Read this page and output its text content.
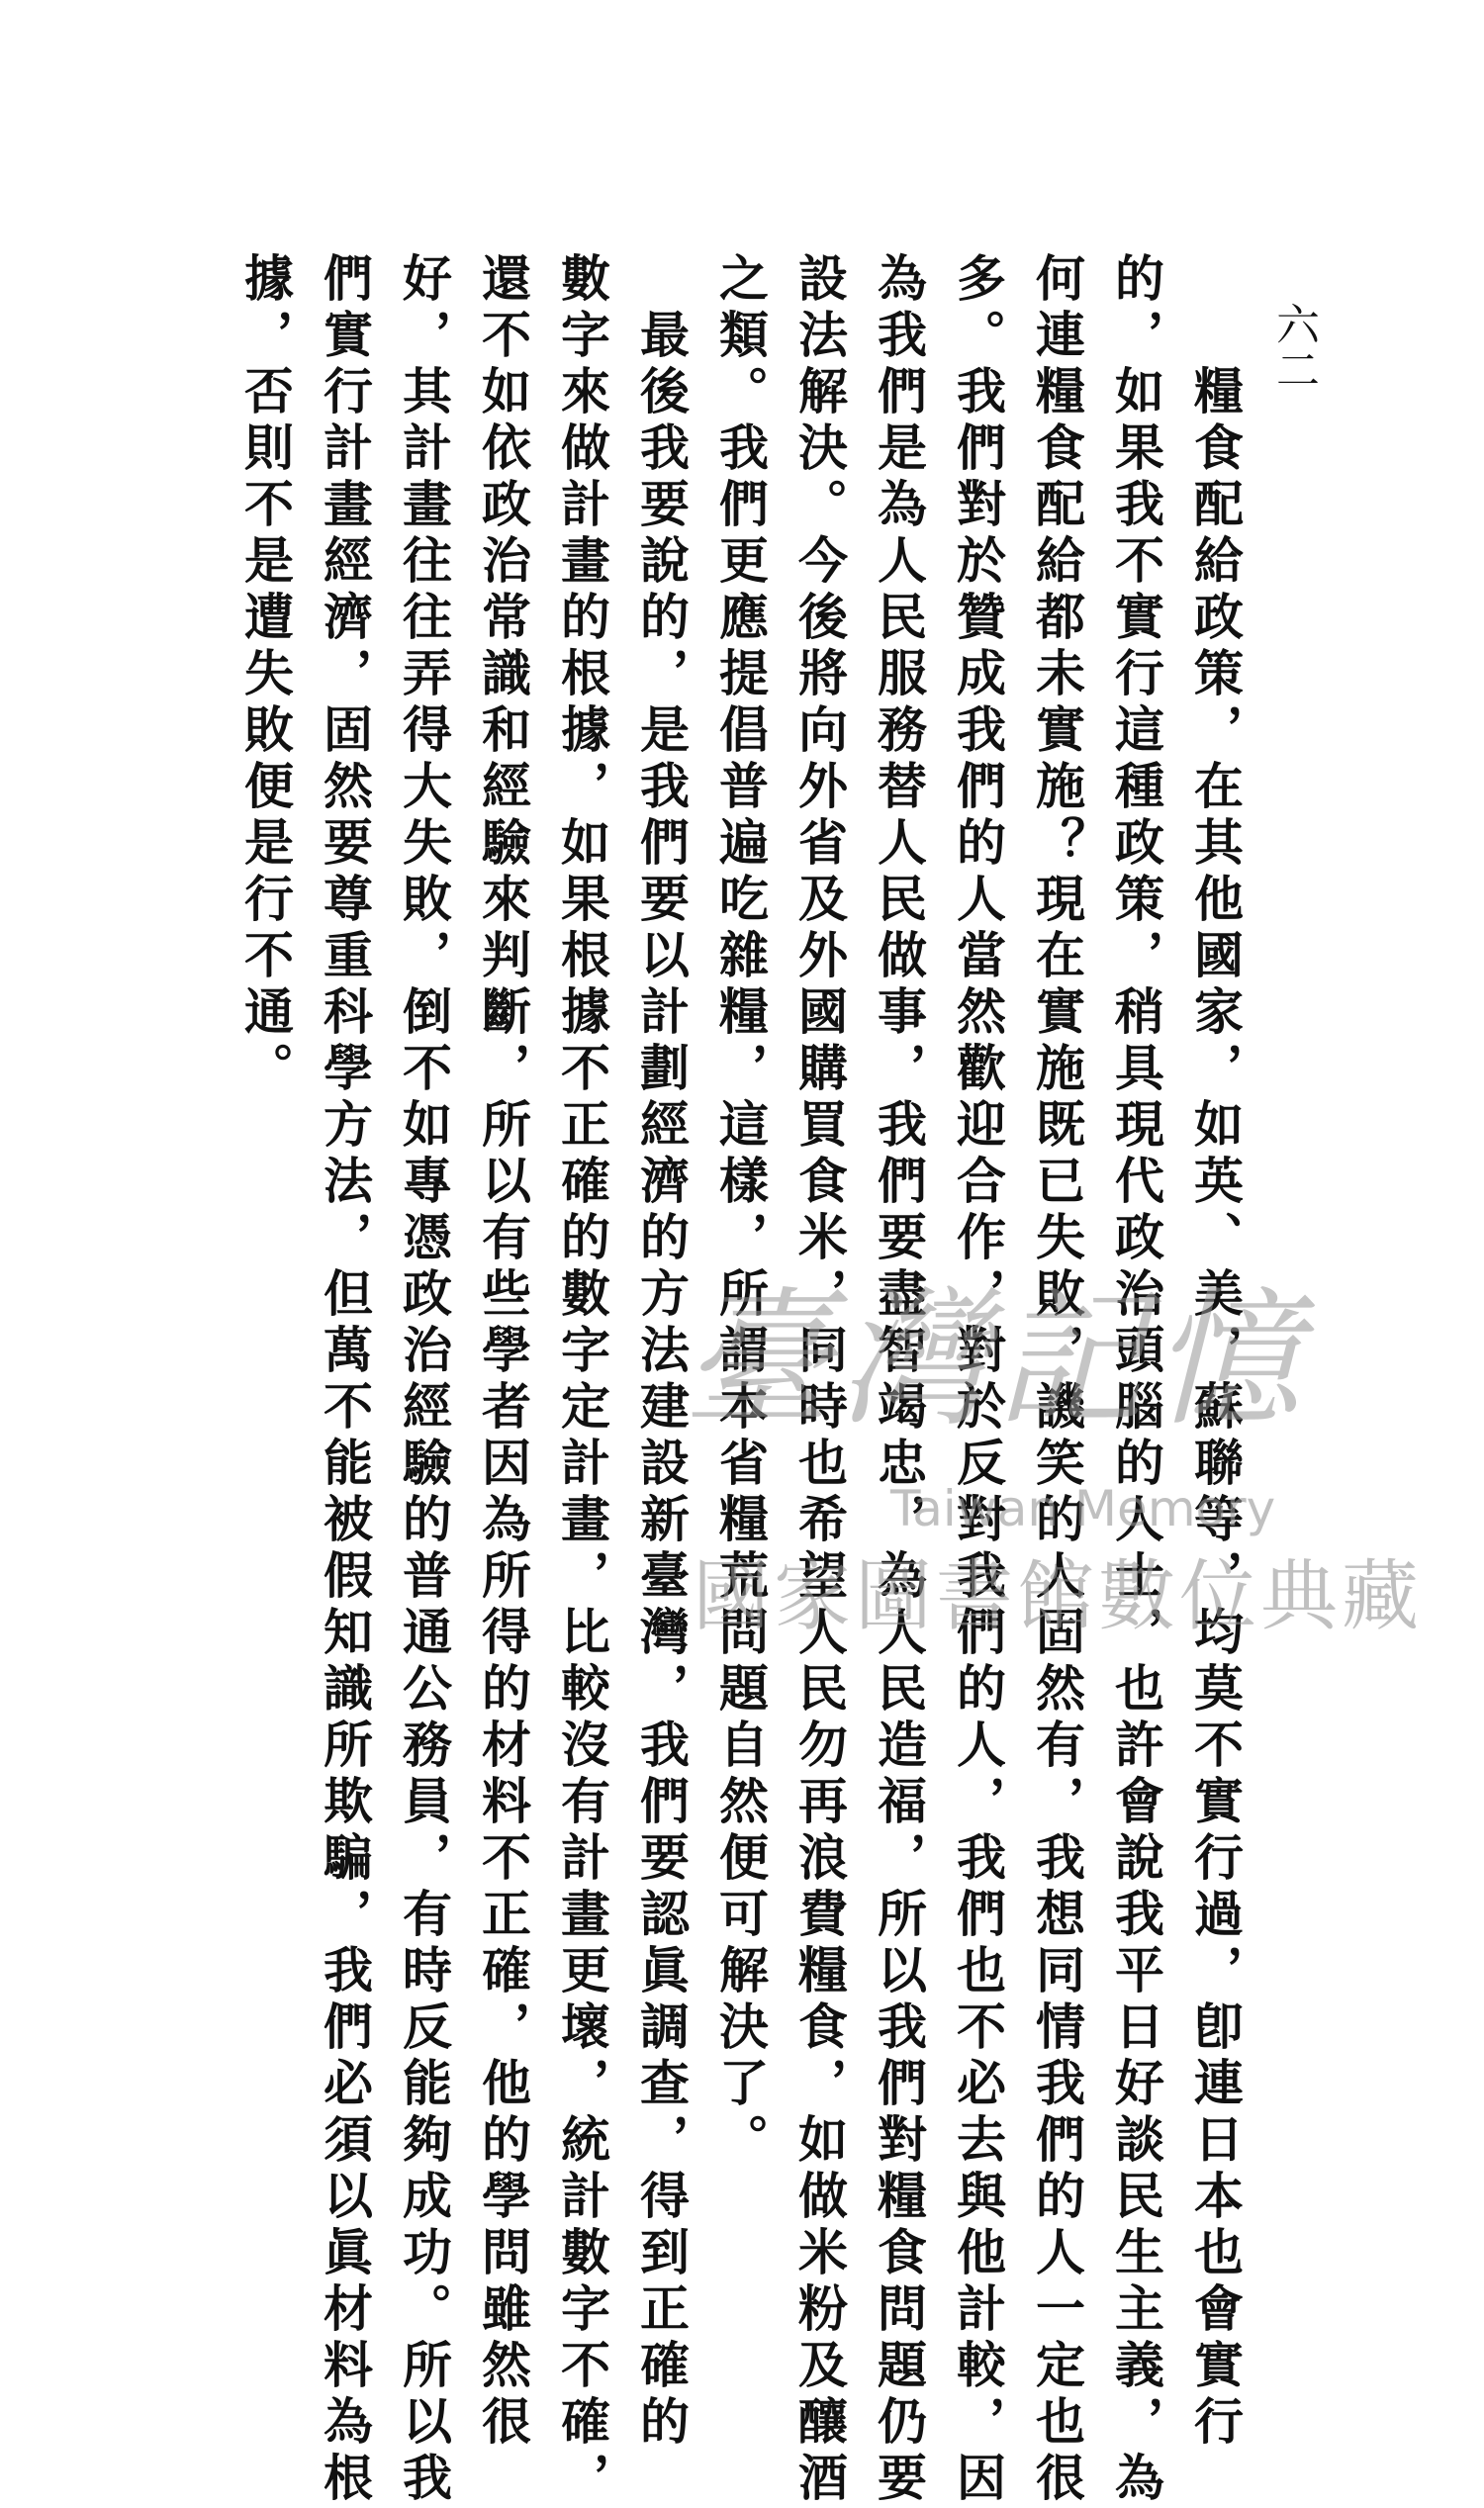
六二
糧食配給政策，在其他國家，如英、美，蘇聯等，均莫不實行過，卽連日本也會實行
的，如果我不實行這種政策，稍具現代政治頭腦的人士，也許會說我平日好談民生主義，為
何連糧食配給都未實施？現在實施既已失敗，譏笑的人固然有，我想同情我們的人一定也很
多。我們對於贊成我們的人當然歡迎合作，對於反對我們的人，我們也不必去與他計較，因
為我們是為人民服務替人民做事，我們要盡智竭忠，為人民造福，所以我們對糧食問題仍要
設法解決。今後將向外省及外國購買食米，同時也希望人民勿再浪費糧食，如做米粉及釀酒
之類。我們更應提倡普遍吃雜糧，這樣，所謂本省糧荒問題自然便可解決了。
最後我要說的，是我們要以計劃經濟的方法建設新臺灣，我們要認眞調查，得到正確的
數字來做計畫的根據，如果根據不正確的數字定計畫，比較沒有計畫更壞，統計數字不確，
還不如依政治常識和經驗來判斷，所以有些學者因為所得的材料不正確，他的學問雖然很
好，其計畫往往弄得大失敗，倒不如專憑政治經驗的普通公務員，有時反能夠成功。所以我
們實行計畫經濟，固然要尊重科學方法，但萬不能被假知識所欺騙，我們必須以眞材料為根
據，否則不是遭失敗便是行不通。
臺灣記憶
Taiwan Memory
國家圖書館數位典藏
